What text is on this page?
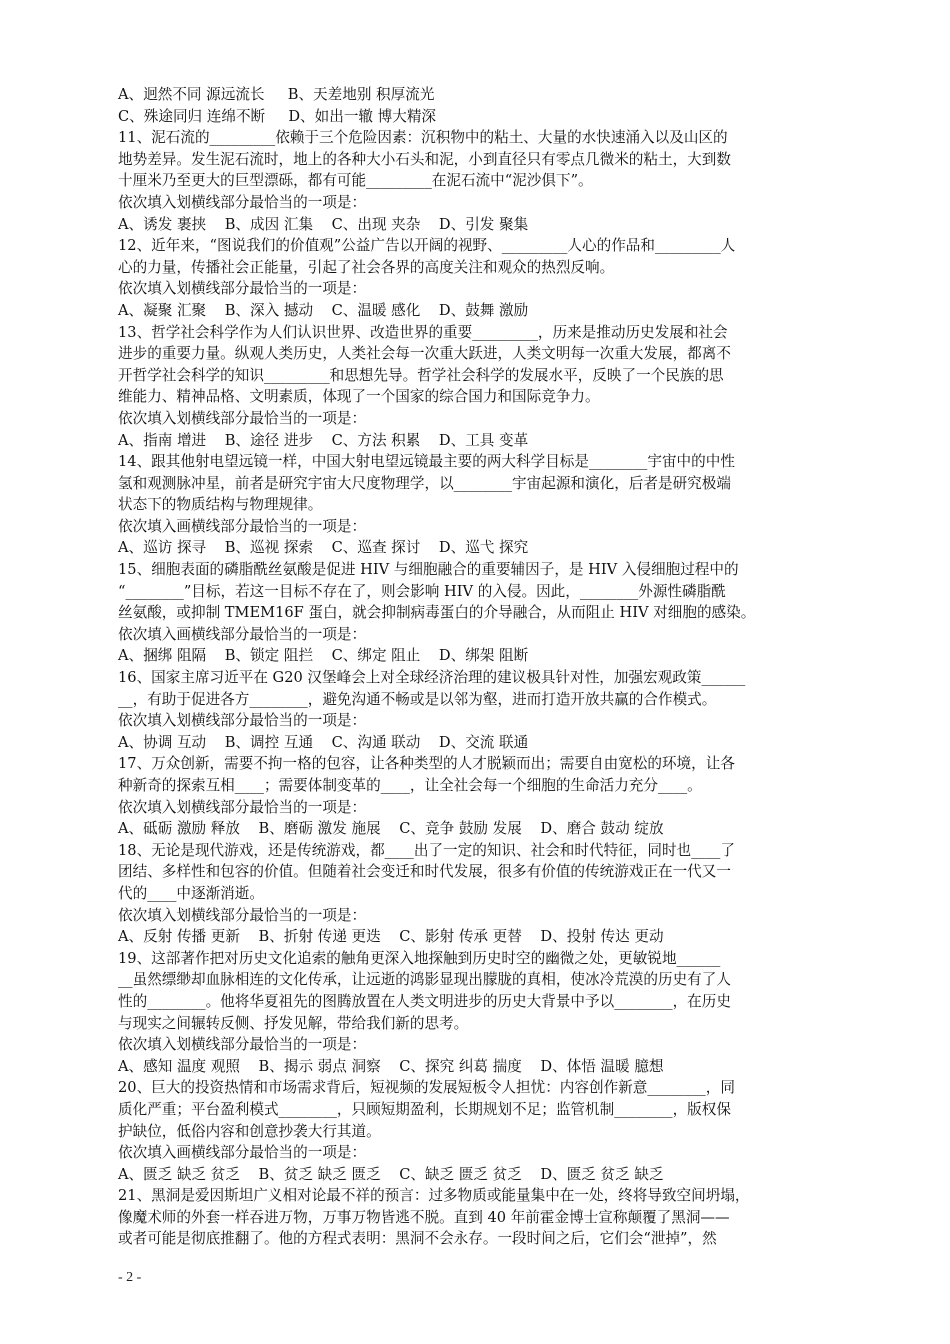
A、迥然不同 源远流长     B、天差地别 积厚流光
C、殊途同归 连绵不断     D、如出一辙 博大精深
11、泥石流的_________依赖于三个危险因素：沉积物中的粘土、大量的水快速涌入以及山区的
地势差异。发生泥石流时，地上的各种大小石头和泥，小到直径只有零点几微米的粘土，大到数
十厘米乃至更大的巨型漂砾，都有可能_________在泥石流中“泥沙俱下”。
依次填入划横线部分最恰当的一项是：
A、诱发 裹挟    B、成因 汇集    C、出现 夹杂    D、引发 聚集
12、近年来，“图说我们的价值观”公益广告以开阔的视野、_________人心的作品和_________人
心的力量，传播社会正能量，引起了社会各界的高度关注和观众的热烈反响。
依次填入划横线部分最恰当的一项是：
A、凝聚 汇聚    B、深入 撼动    C、温暖 感化    D、鼓舞 激励
13、哲学社会科学作为人们认识世界、改造世界的重要_________，历来是推动历史发展和社会
进步的重要力量。纵观人类历史，人类社会每一次重大跃进，人类文明每一次重大发展，都离不
开哲学社会科学的知识_________和思想先导。哲学社会科学的发展水平，反映了一个民族的思
维能力、精神品格、文明素质，体现了一个国家的综合国力和国际竞争力。
依次填入划横线部分最恰当的一项是：
A、指南 增进    B、途径 进步    C、方法 积累    D、工具 变革
14、跟其他射电望远镜一样，中国大射电望远镜最主要的两大科学目标是________宇宙中的中性
氢和观测脉冲星，前者是研究宇宙大尺度物理学，以________宇宙起源和演化，后者是研究极端
状态下的物质结构与物理规律。
依次填入画横线部分最恰当的一项是：
A、巡访 探寻    B、巡视 探索    C、巡查 探讨    D、巡弋 探究
15、细胞表面的磷脂酰丝氨酸是促进 HIV 与细胞融合的重要辅因子，是 HIV 入侵细胞过程中的
“________”目标，若这一目标不存在了，则会影响 HIV 的入侵。因此，________外源性磷脂酰
丝氨酸，或抑制 TMEM16F 蛋白，就会抑制病毒蛋白的介导融合，从而阻止 HIV 对细胞的感染。
依次填入画横线部分最恰当的一项是：
A、捆绑 阻隔    B、锁定 阻拦    C、绑定 阻止    D、绑架 阻断
16、国家主席习近平在 G20 汉堡峰会上对全球经济治理的建议极具针对性，加强宏观政策______
__，有助于促进各方________，避免沟通不畅或是以邻为壑，进而打造开放共赢的合作模式。
依次填入划横线部分最恰当的一项是：
A、协调 互动    B、调控 互通    C、沟通 联动    D、交流 联通
17、万众创新，需要不拘一格的包容，让各种类型的人才脱颖而出；需要自由宽松的环境，让各
种新奇的探索互相____；需要体制变革的____，让全社会每一个细胞的生命活力充分____。
依次填入划横线部分最恰当的一项是：
A、砥砺 激励 释放    B、磨砺 激发 施展    C、竞争 鼓励 发展    D、磨合 鼓动 绽放
18、无论是现代游戏，还是传统游戏，都____出了一定的知识、社会和时代特征，同时也____了
团结、多样性和包容的价值。但随着社会变迁和时代发展，很多有价值的传统游戏正在一代又一
代的____中逐渐消逝。
依次填入划横线部分最恰当的一项是：
A、反射 传播 更新    B、折射 传递 更迭    C、影射 传承 更替    D、投射 传达 更动
19、这部著作把对历史文化追索的触角更深入地探触到历史时空的幽微之处，更敏锐地______
__虽然缥缈却血脉相连的文化传承，让远逝的鸿影显现出朦胧的真相，使冰冷荒漠的历史有了人
性的________。他将华夏祖先的图腾放置在人类文明进步的历史大背景中予以________，在历史
与现实之间辗转反侧、抒发见解，带给我们新的思考。
依次填入划横线部分最恰当的一项是：
A、感知 温度 观照    B、揭示 弱点 洞察    C、探究 纠葛 揣度    D、体悟 温暖 臆想
20、巨大的投资热情和市场需求背后，短视频的发展短板令人担忧：内容创作新意________，同
质化严重；平台盈利模式________，只顾短期盈利，长期规划不足；监管机制________，版权保
护缺位，低俗内容和创意抄袭大行其道。
依次填入画横线部分最恰当的一项是：
A、匮乏 缺乏 贫乏    B、贫乏 缺乏 匮乏    C、缺乏 匮乏 贫乏    D、匮乏 贫乏 缺乏
21、黑洞是爱因斯坦广义相对论最不祥的预言：过多物质或能量集中在一处，终将导致空间坍塌，
像魔术师的外套一样吞进万物，万事万物皆逃不脱。直到 40 年前霍金博士宣称颠覆了黑洞——
或者可能是彻底推翻了。他的方程式表明：黑洞不会永存。一段时间之后，它们会“泄掉”，然
- 2 -
